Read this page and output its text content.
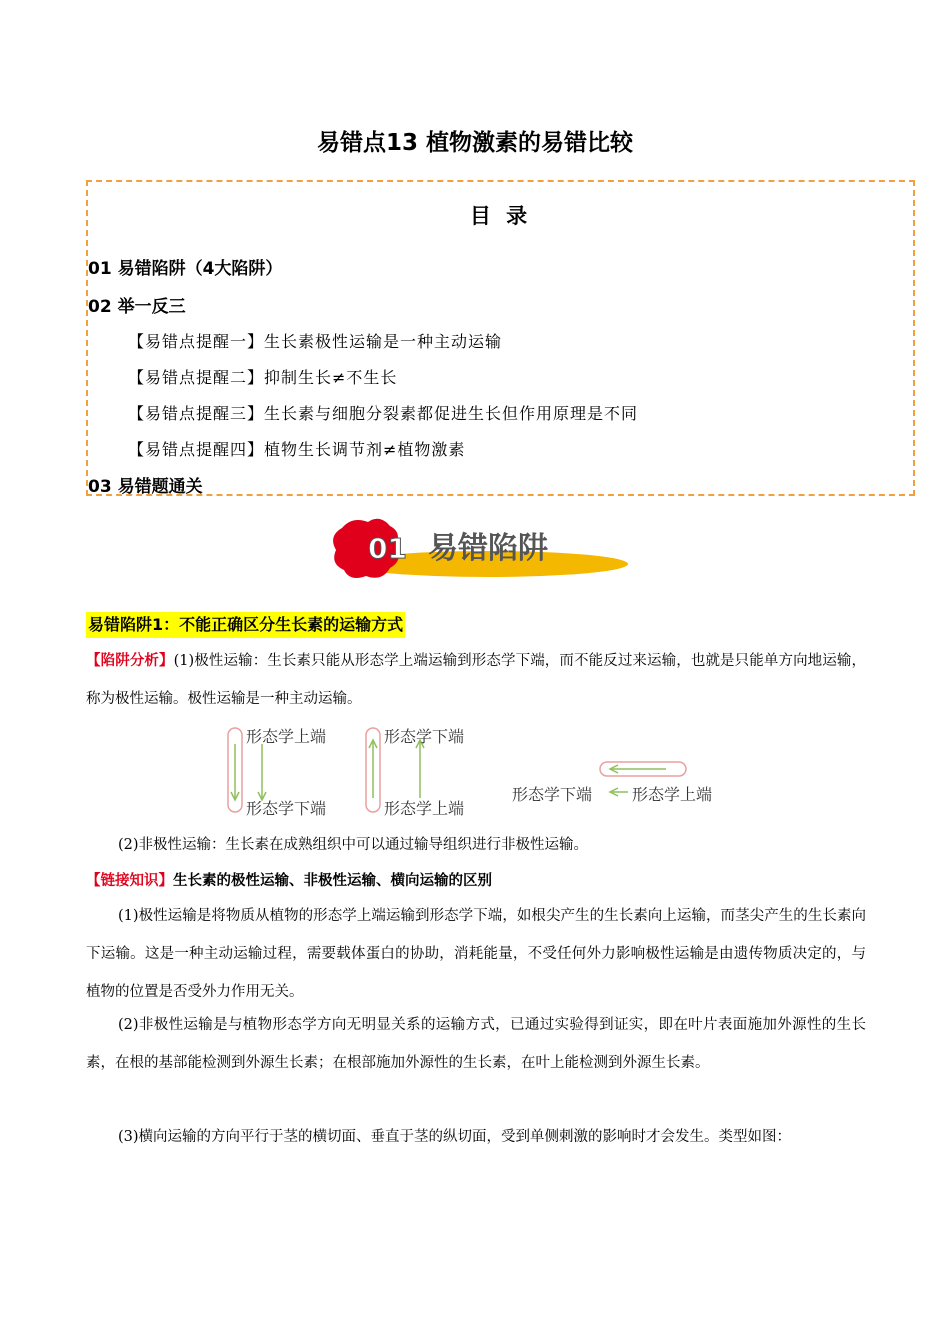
易错点13 植物激素的易错比较
目 录
01 易错陷阱（4大陷阱）
02 举一反三
【易错点提醒一】生长素极性运输是一种主动运输
【易错点提醒二】抑制生长≠不生长
【易错点提醒三】生长素与细胞分裂素都促进生长但作用原理是不同
【易错点提醒四】植物生长调节剂≠植物激素
03 易错题通关
01 易错陷阱
易错陷阱1：不能正确区分生长素的运输方式
【陷阱分析】(1)极性运输：生长素只能从形态学上端运输到形态学下端，而不能反过来运输，也就是只能单方向地运输，称为极性运输。极性运输是一种主动运输。
形态学上端
形态学下端
形态学下端
形态学上端
形态学下端 形态学上端
(2)非极性运输：生长素在成熟组织中可以通过输导组织进行非极性运输。
【链接知识】生长素的极性运输、非极性运输、横向运输的区别
(1)极性运输是将物质从植物的形态学上端运输到形态学下端，如根尖产生的生长素向上运输，而茎尖产生的生长素向下运输。这是一种主动运输过程，需要载体蛋白的协助，消耗能量，不受任何外力影响极性运输是由遗传物质决定的，与植物的位置是否受外力作用无关。
(2)非极性运输是与植物形态学方向无明显关系的运输方式，已通过实验得到证实，即在叶片表面施加外源性的生长素，在根的基部能检测到外源生长素；在根部施加外源性的生长素，在叶上能检测到外源生长素。
(3)横向运输的方向平行于茎的横切面、垂直于茎的纵切面，受到单侧刺激的影响时才会发生。类型如图：
